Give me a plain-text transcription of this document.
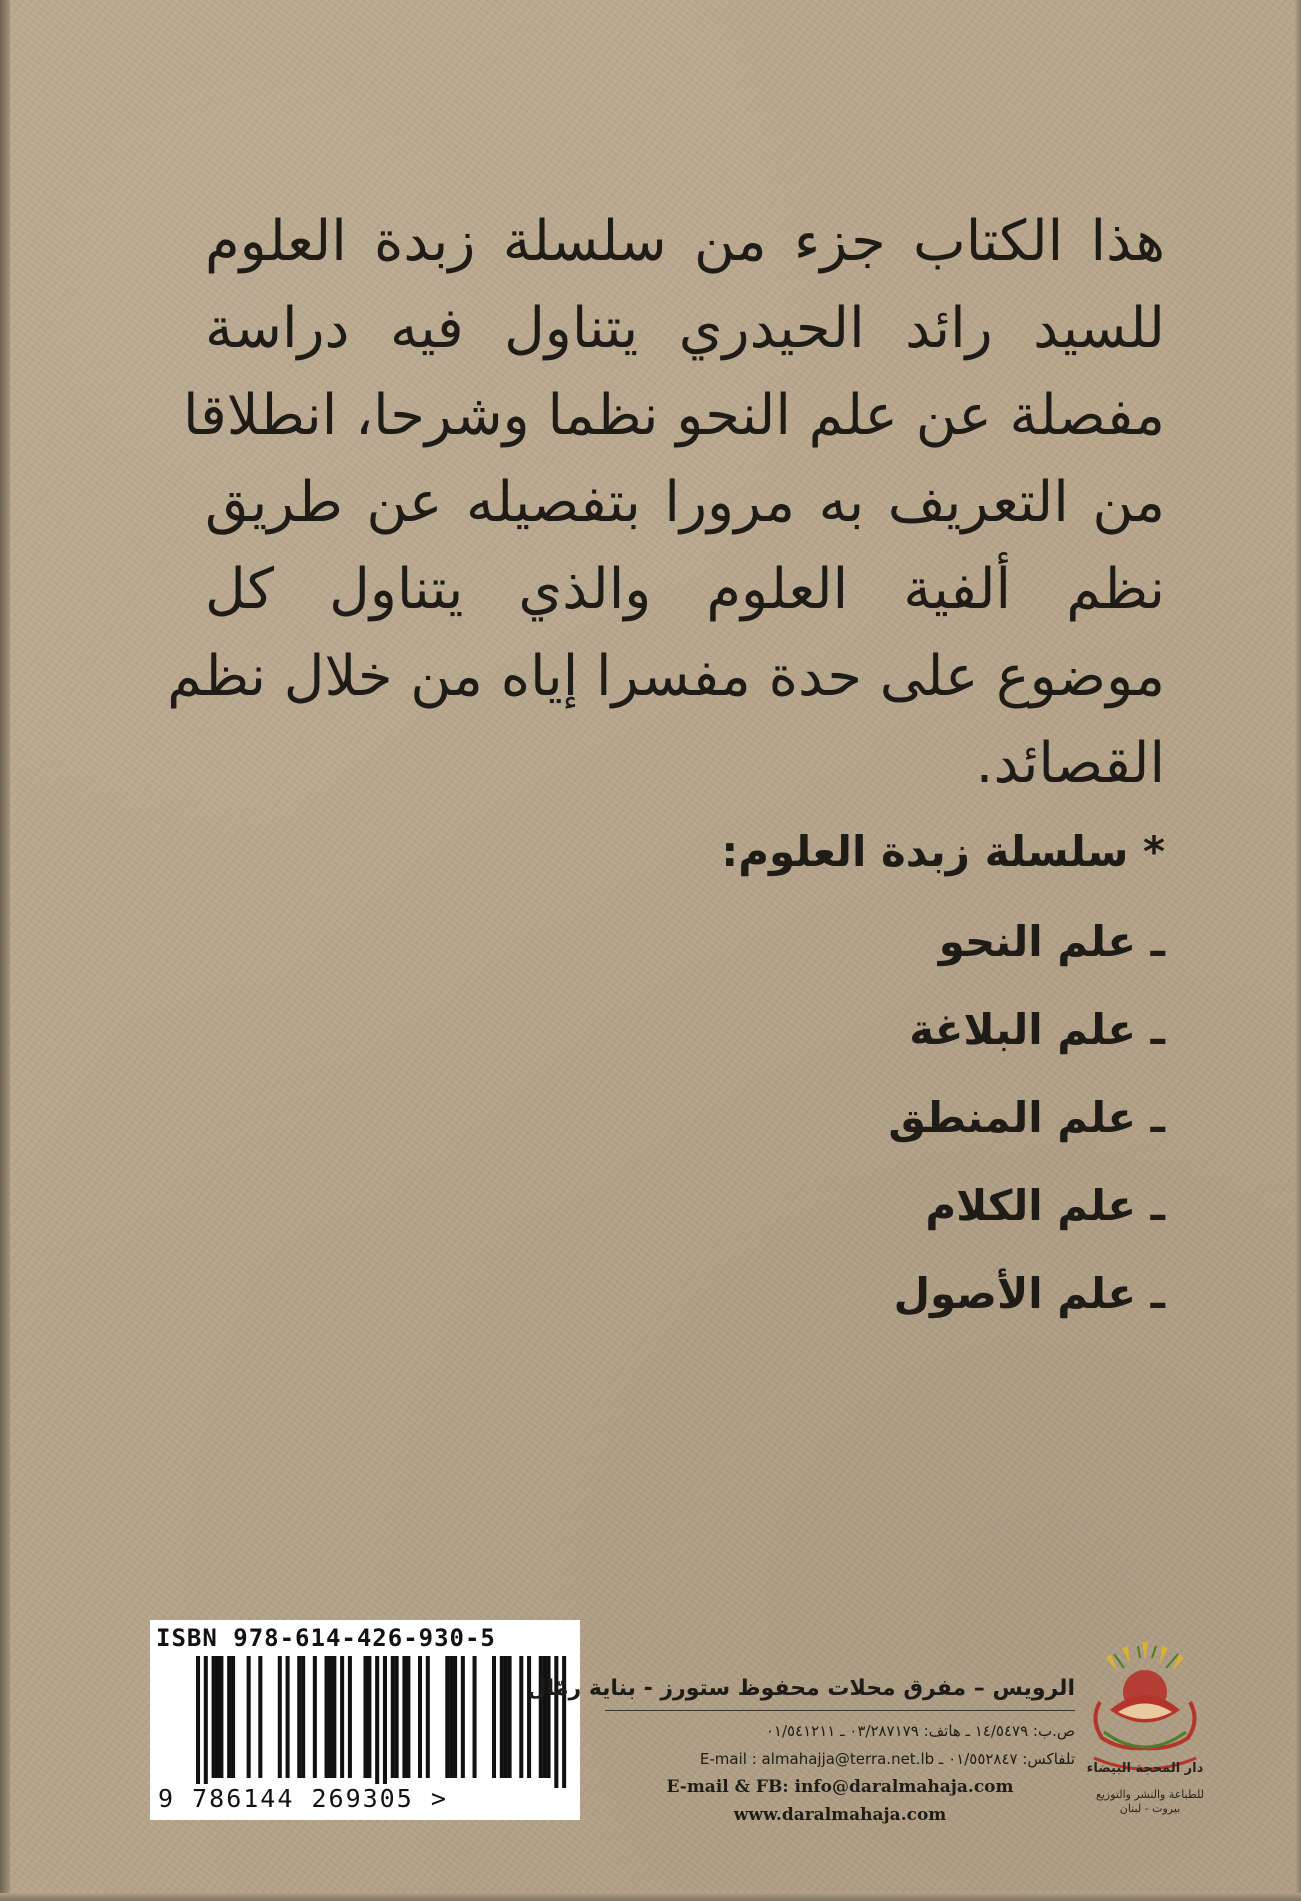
هذا الكتاب جزء من سلسلة زبدة العلوم
للسيد رائد الحيدري يتناول فيه دراسة
مفصلة عن علم النحو نظما وشرحا، انطلاقا
من التعريف به مرورا بتفصيله عن طريق
نظم ألفية العلوم والذي يتناول كل
موضوع على حدة مفسرا إياه من خلال نظم
القصائد.
* سلسلة زبدة العلوم:
ـ علم النحو
ـ علم البلاغة
ـ علم المنطق
ـ علم الكلام
ـ علم الأصول
ISBN 978-614-426-930-5
9 786144 269305 >
الرويس – مفرق محلات محفوظ ستورز - بناية رمّال
ص.ب: ١٤/٥٤٧٩ ـ هاتف: ٠٣/٢٨٧١٧٩ ـ ٠١/٥٤١٢١١
تلفاكس: ٠١/٥٥٢٨٤٧ ـ E-mail : almahajja@terra.net.lb
E-mail & FB: info@daralmahaja.com
www.daralmahaja.com
دار المحجة البيضاء
للطباعة والنشر والتوزيع
بيروت - لبنان
